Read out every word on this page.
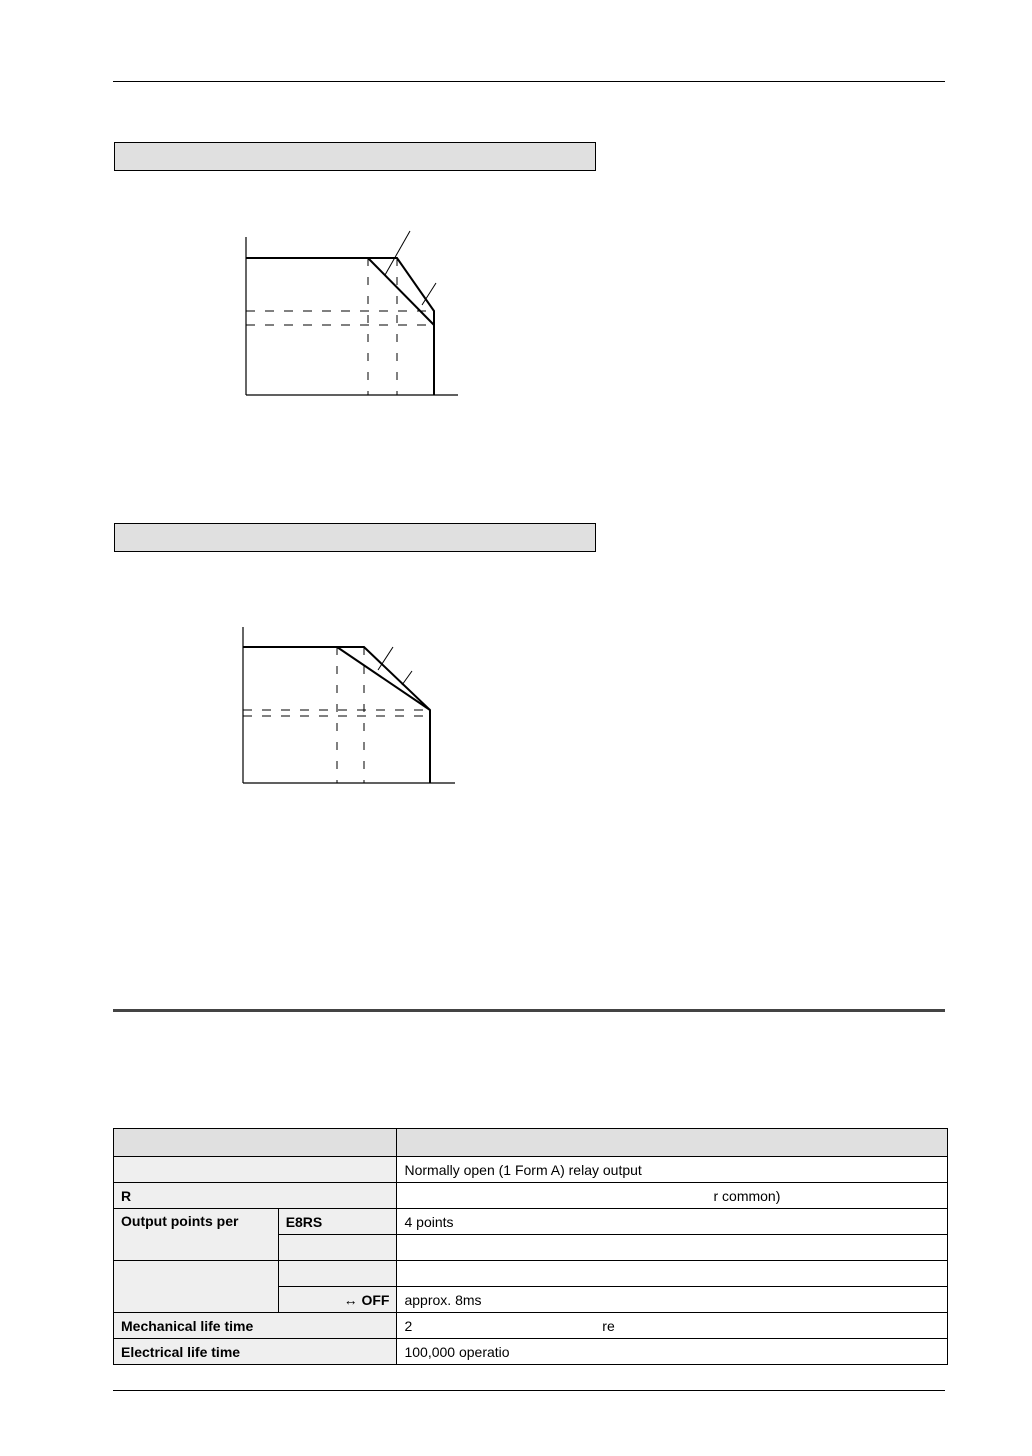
		Normally open (1 Form A) relay output
R		r common)
Output points per	E8RS	4 points

	↔ OFF	approx. 8ms
Mechanical life time		2 re
Electrical life time		100,000 operatio
